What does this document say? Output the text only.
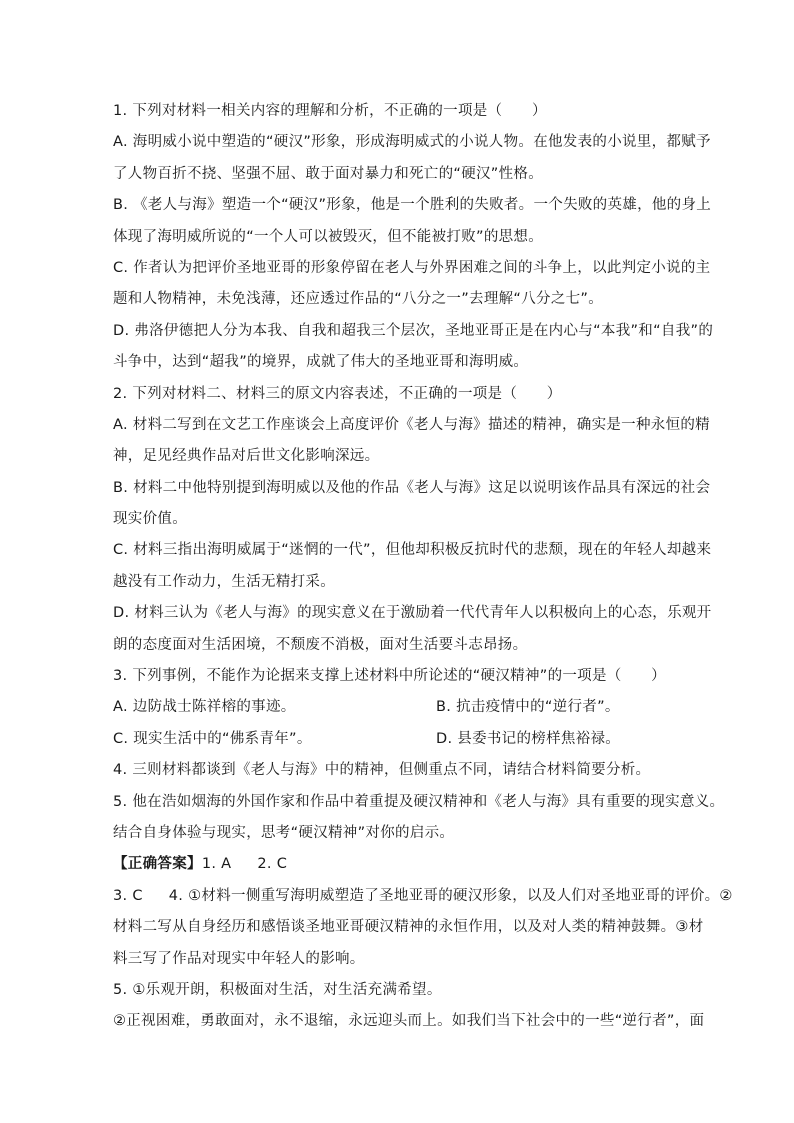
1. 下列对材料一相关内容的理解和分析，不正确的一项是（　　）
A. 海明威小说中塑造的“硬汉”形象，形成海明威式的小说人物。在他发表的小说里，都赋予
了人物百折不挠、坚强不屈、敢于面对暴力和死亡的“硬汉”性格。
B. 《老人与海》塑造一个“硬汉”形象，他是一个胜利的失败者。一个失败的英雄，他的身上
体现了海明威所说的“一个人可以被毁灭，但不能被打败”的思想。
C. 作者认为把评价圣地亚哥的形象停留在老人与外界困难之间的斗争上，以此判定小说的主
题和人物精神，未免浅薄，还应透过作品的“八分之一”去理解“八分之七”。
D. 弗洛伊德把人分为本我、自我和超我三个层次，圣地亚哥正是在内心与“本我”和“自我”的
斗争中，达到“超我”的境界，成就了伟大的圣地亚哥和海明威。
2. 下列对材料二、材料三的原文内容表述，不正确的一项是（　　）
A. 材料二写到在文艺工作座谈会上高度评价《老人与海》描述的精神，确实是一种永恒的精
神，足见经典作品对后世文化影响深远。
B. 材料二中他特别提到海明威以及他的作品《老人与海》这足以说明该作品具有深远的社会
现实价值。
C. 材料三指出海明威属于“迷惘的一代”，但他却积极反抗时代的悲颓，现在的年轻人却越来
越没有工作动力，生活无精打采。
D. 材料三认为《老人与海》的现实意义在于激励着一代代青年人以积极向上的心态，乐观开
朗的态度面对生活困境，不颓废不消极，面对生活要斗志昂扬。
3. 下列事例，不能作为论据来支撑上述材料中所论述的“硬汉精神”的一项是（　　）
A. 边防战士陈祥榕的事迹。	B. 抗击疫情中的“逆行者”。
C. 现实生活中的“佛系青年”。	D. 县委书记的榜样焦裕禄。
4. 三则材料都谈到《老人与海》中的精神，但侧重点不同，请结合材料简要分析。
5. 他在浩如烟海的外国作家和作品中着重提及硬汉精神和《老人与海》具有重要的现实意义。
结合自身体验与现实，思考“硬汉精神”对你的启示。
【正确答案】1. A 2. C
3. C 4. ①材料一侧重写海明威塑造了圣地亚哥的硬汉形象，以及人们对圣地亚哥的评价。②
材料二写从自身经历和感悟谈圣地亚哥硬汉精神的永恒作用，以及对人类的精神鼓舞。③材
料三写了作品对现实中年轻人的影响。
5. ①乐观开朗，积极面对生活，对生活充满希望。
②正视困难，勇敢面对，永不退缩，永远迎头而上。如我们当下社会中的一些“逆行者”，面
